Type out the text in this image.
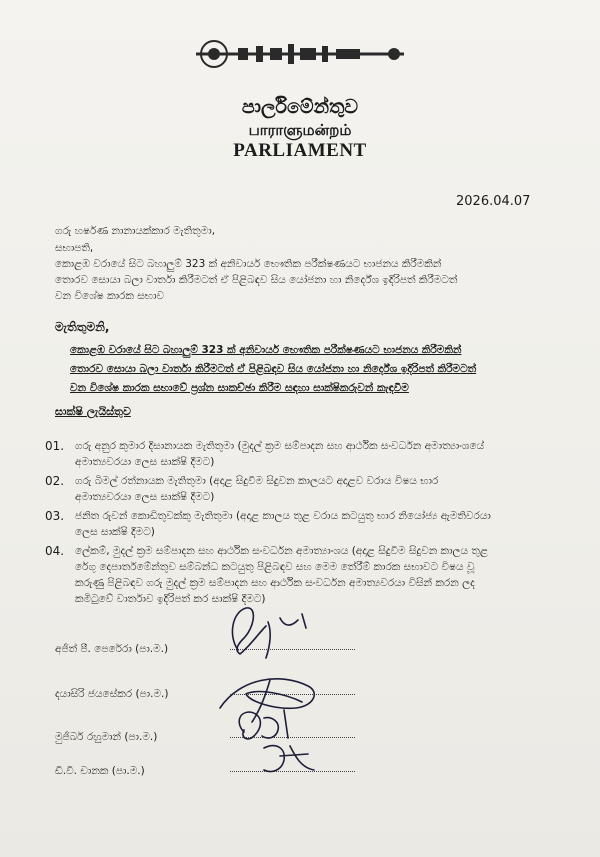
පාර්ලිමේන්තුව
பாராளுமன்றம்
PARLIAMENT
2026.04.07
ගරු හර්ෂණ නානායක්කාර මැතිතුමා,
සභාපති,
කොළඹ වරායේ සිට බහාලුම් 323 ක් අනිවාර්ය භෞතික පරීක්ෂණයට භාජනය කිරීමකින්
තොරව සොයා බලා වාර්තා කිරීමටත් ඒ පිළිබඳව සිය යෝජනා හා නිර්දේශ ඉදිරිපත් කිරීමටත්
වන විශේෂ කාරක සභාව
මැතිතුමනි,
කොළඹ වරායේ සිට බහාලුම් 323 ක් අනිවාර්ය භෞතික පරීක්ෂණයට භාජනය කිරීමකින්
තොරව සොයා බලා වාර්තා කිරීමටත් ඒ පිළිබඳව සිය යෝජනා හා නිර්දේශ ඉදිරිපත් කිරීමටත්
වන විශේෂ කාරක සභාවේ ප්‍රශ්න සාකච්ඡා කිරීම සඳහා සාක්ෂිකරුවන් කැඳවීම
සාක්ෂි ලැයිස්තුව
01. ගරු අනුර කුමාර දිසානායක මැතිතුමා (මුදල් ක්‍රම සම්පාදන සහ ආර්ථික සංවර්ධන අමාත්‍යාංශයේ
අමාත්‍යවරයා ලෙස සාක්ෂි දීමට)
02. ගරු බිමල් රත්නායක මැතිතුමා (අදාළ සිදුවීම සිදුවන කාලයට අදාළව වරාය විෂය භාර
අමාත්‍යවරයා ලෙස සාක්ෂි දීමට)
03. ජනිත රුවන් කොඩිතුවක්කු මැතිතුමා (අදාළ කාලය තුළ වරාය කටයුතු භාර නියෝජ්‍ය ඇමතිවරයා
ලෙස සාක්ෂි දීමට)
04. ලේකම්, මුදල් ක්‍රම සම්පාදන සහ ආර්ථික සංවර්ධන අමාත්‍යාංශය (අදාළ සිදුවීම සිදුවන කාලය තුළ
රේගු දෙපාර්තමේන්තුව සම්බන්ධ කටයුතු පිළිබඳව සහ මෙම තේරීම් කාරක සභාවට විෂය වූ
කරුණු පිළිබඳව ගරු මුදල් ක්‍රම සම්පාදන සහ ආර්ථික සංවර්ධන අමාත්‍යවරයා විසින් කරන ලද
කමිටුවේ වාර්තාව ඉදිරිපත් කර සාක්ෂි දීමට)
අජිත් පී. පෙරේරා (පා.ම.)
දයාසිරි ජයසේකර (පා.ම.)
මුජිබර් රහුමාන් (පා.ම.)
ඩී.වී. චානක (පා.ම.)
